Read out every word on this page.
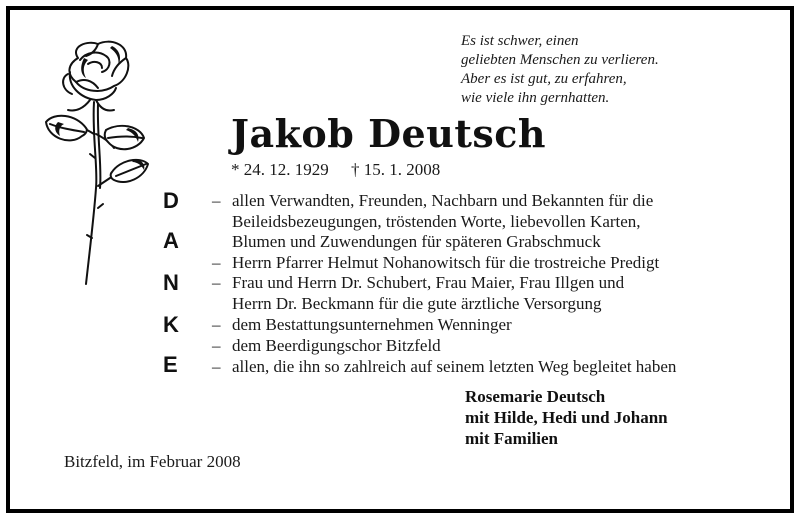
Es ist schwer, einen
geliebten Menschen zu verlieren.
Aber es ist gut, zu erfahren,
wie viele ihn gernhatten.
Jakob Deutsch
* 24. 12. 1929 † 15. 1. 2008
D
A
N
K
E
–
–
–
–
–
–
allen Verwandten, Freunden, Nachbarn und Bekannten für die
Beileidsbezeugungen, tröstenden Worte, liebevollen Karten,
Blumen und Zuwendungen für späteren Grabschmuck
Herrn Pfarrer Helmut Nohanowitsch für die trostreiche Predigt
Frau und Herrn Dr. Schubert, Frau Maier, Frau Illgen und
Herrn Dr. Beckmann für die gute ärztliche Versorgung
dem Bestattungsunternehmen Wenninger
dem Beerdigungschor Bitzfeld
allen, die ihn so zahlreich auf seinem letzten Weg begleitet haben
Rosemarie Deutsch
mit Hilde, Hedi und Johann
mit Familien
Bitzfeld, im Februar 2008
